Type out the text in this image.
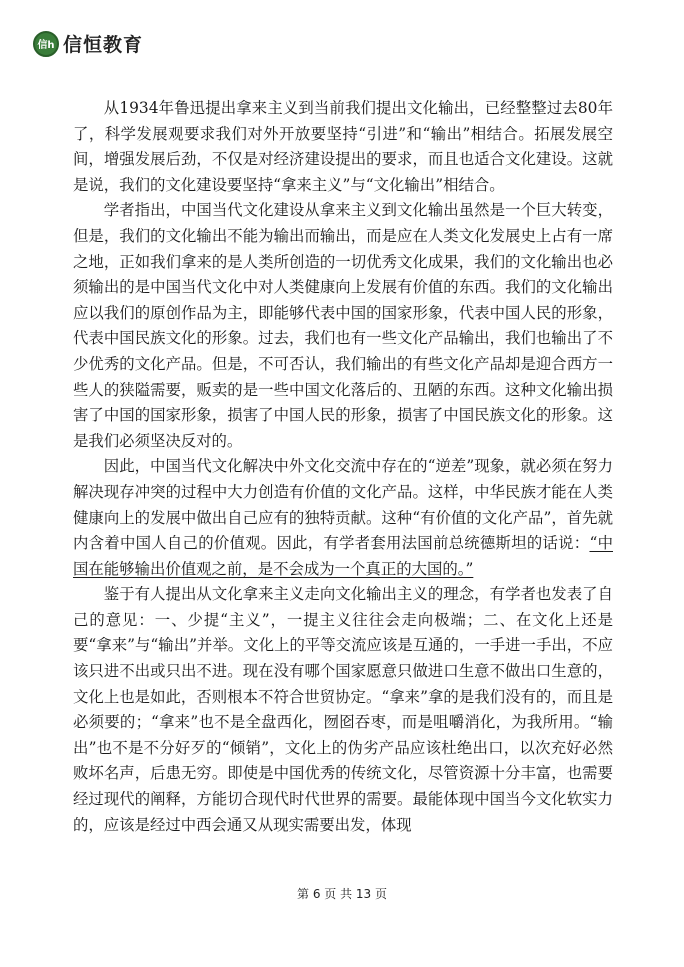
信h 信恒教育

从1934年鲁迅提出拿来主义到当前我们提出文化输出，已经整整过去80年了，科学发展观要求我们对外开放要坚持“引进”和“输出”相结合。拓展发展空间，增强发展后劲，不仅是对经济建设提出的要求，而且也适合文化建设。这就是说，我们的文化建设要坚持“拿来主义”与“文化输出”相结合。

学者指出，中国当代文化建设从拿来主义到文化输出虽然是一个巨大转变，但是，我们的文化输出不能为输出而输出，而是应在人类文化发展史上占有一席之地，正如我们拿来的是人类所创造的一切优秀文化成果，我们的文化输出也必须输出的是中国当代文化中对人类健康向上发展有价值的东西。我们的文化输出应以我们的原创作品为主，即能够代表中国的国家形象，代表中国人民的形象，代表中国民族文化的形象。过去，我们也有一些文化产品输出，我们也输出了不少优秀的文化产品。但是，不可否认，我们输出的有些文化产品却是迎合西方一些人的狭隘需要，贩卖的是一些中国文化落后的、丑陋的东西。这种文化输出损害了中国的国家形象，损害了中国人民的形象，损害了中国民族文化的形象。这是我们必须坚决反对的。

因此，中国当代文化解决中外文化交流中存在的“逆差”现象，就必须在努力解决现存冲突的过程中大力创造有价值的文化产品。这样，中华民族才能在人类健康向上的发展中做出自己应有的独特贡献。这种“有价值的文化产品”，首先就内含着中国人自己的价值观。因此，有学者套用法国前总统德斯坦的话说：“中国在能够输出价值观之前，是不会成为一个真正的大国的。”

鉴于有人提出从文化拿来主义走向文化输出主义的理念，有学者也发表了自己的意见：一、少提“主义”，一提主义往往会走向极端；二、在文化上还是要“拿来”与“输出”并举。文化上的平等交流应该是互通的，一手进一手出，不应该只进不出或只出不进。现在没有哪个国家愿意只做进口生意不做出口生意的，文化上也是如此，否则根本不符合世贸协定。“拿来”拿的是我们没有的，而且是必须要的；“拿来”也不是全盘西化，囫囵吞枣，而是咀嚼消化，为我所用。“输出”也不是不分好歹的“倾销”，文化上的伪劣产品应该杜绝出口，以次充好必然败坏名声，后患无穷。即使是中国优秀的传统文化，尽管资源十分丰富，也需要经过现代的阐释，方能切合现代时代世界的需要。最能体现中国当今文化软实力的，应该是经过中西会通又从现实需要出发，体现

第 6 页 共 13 页
